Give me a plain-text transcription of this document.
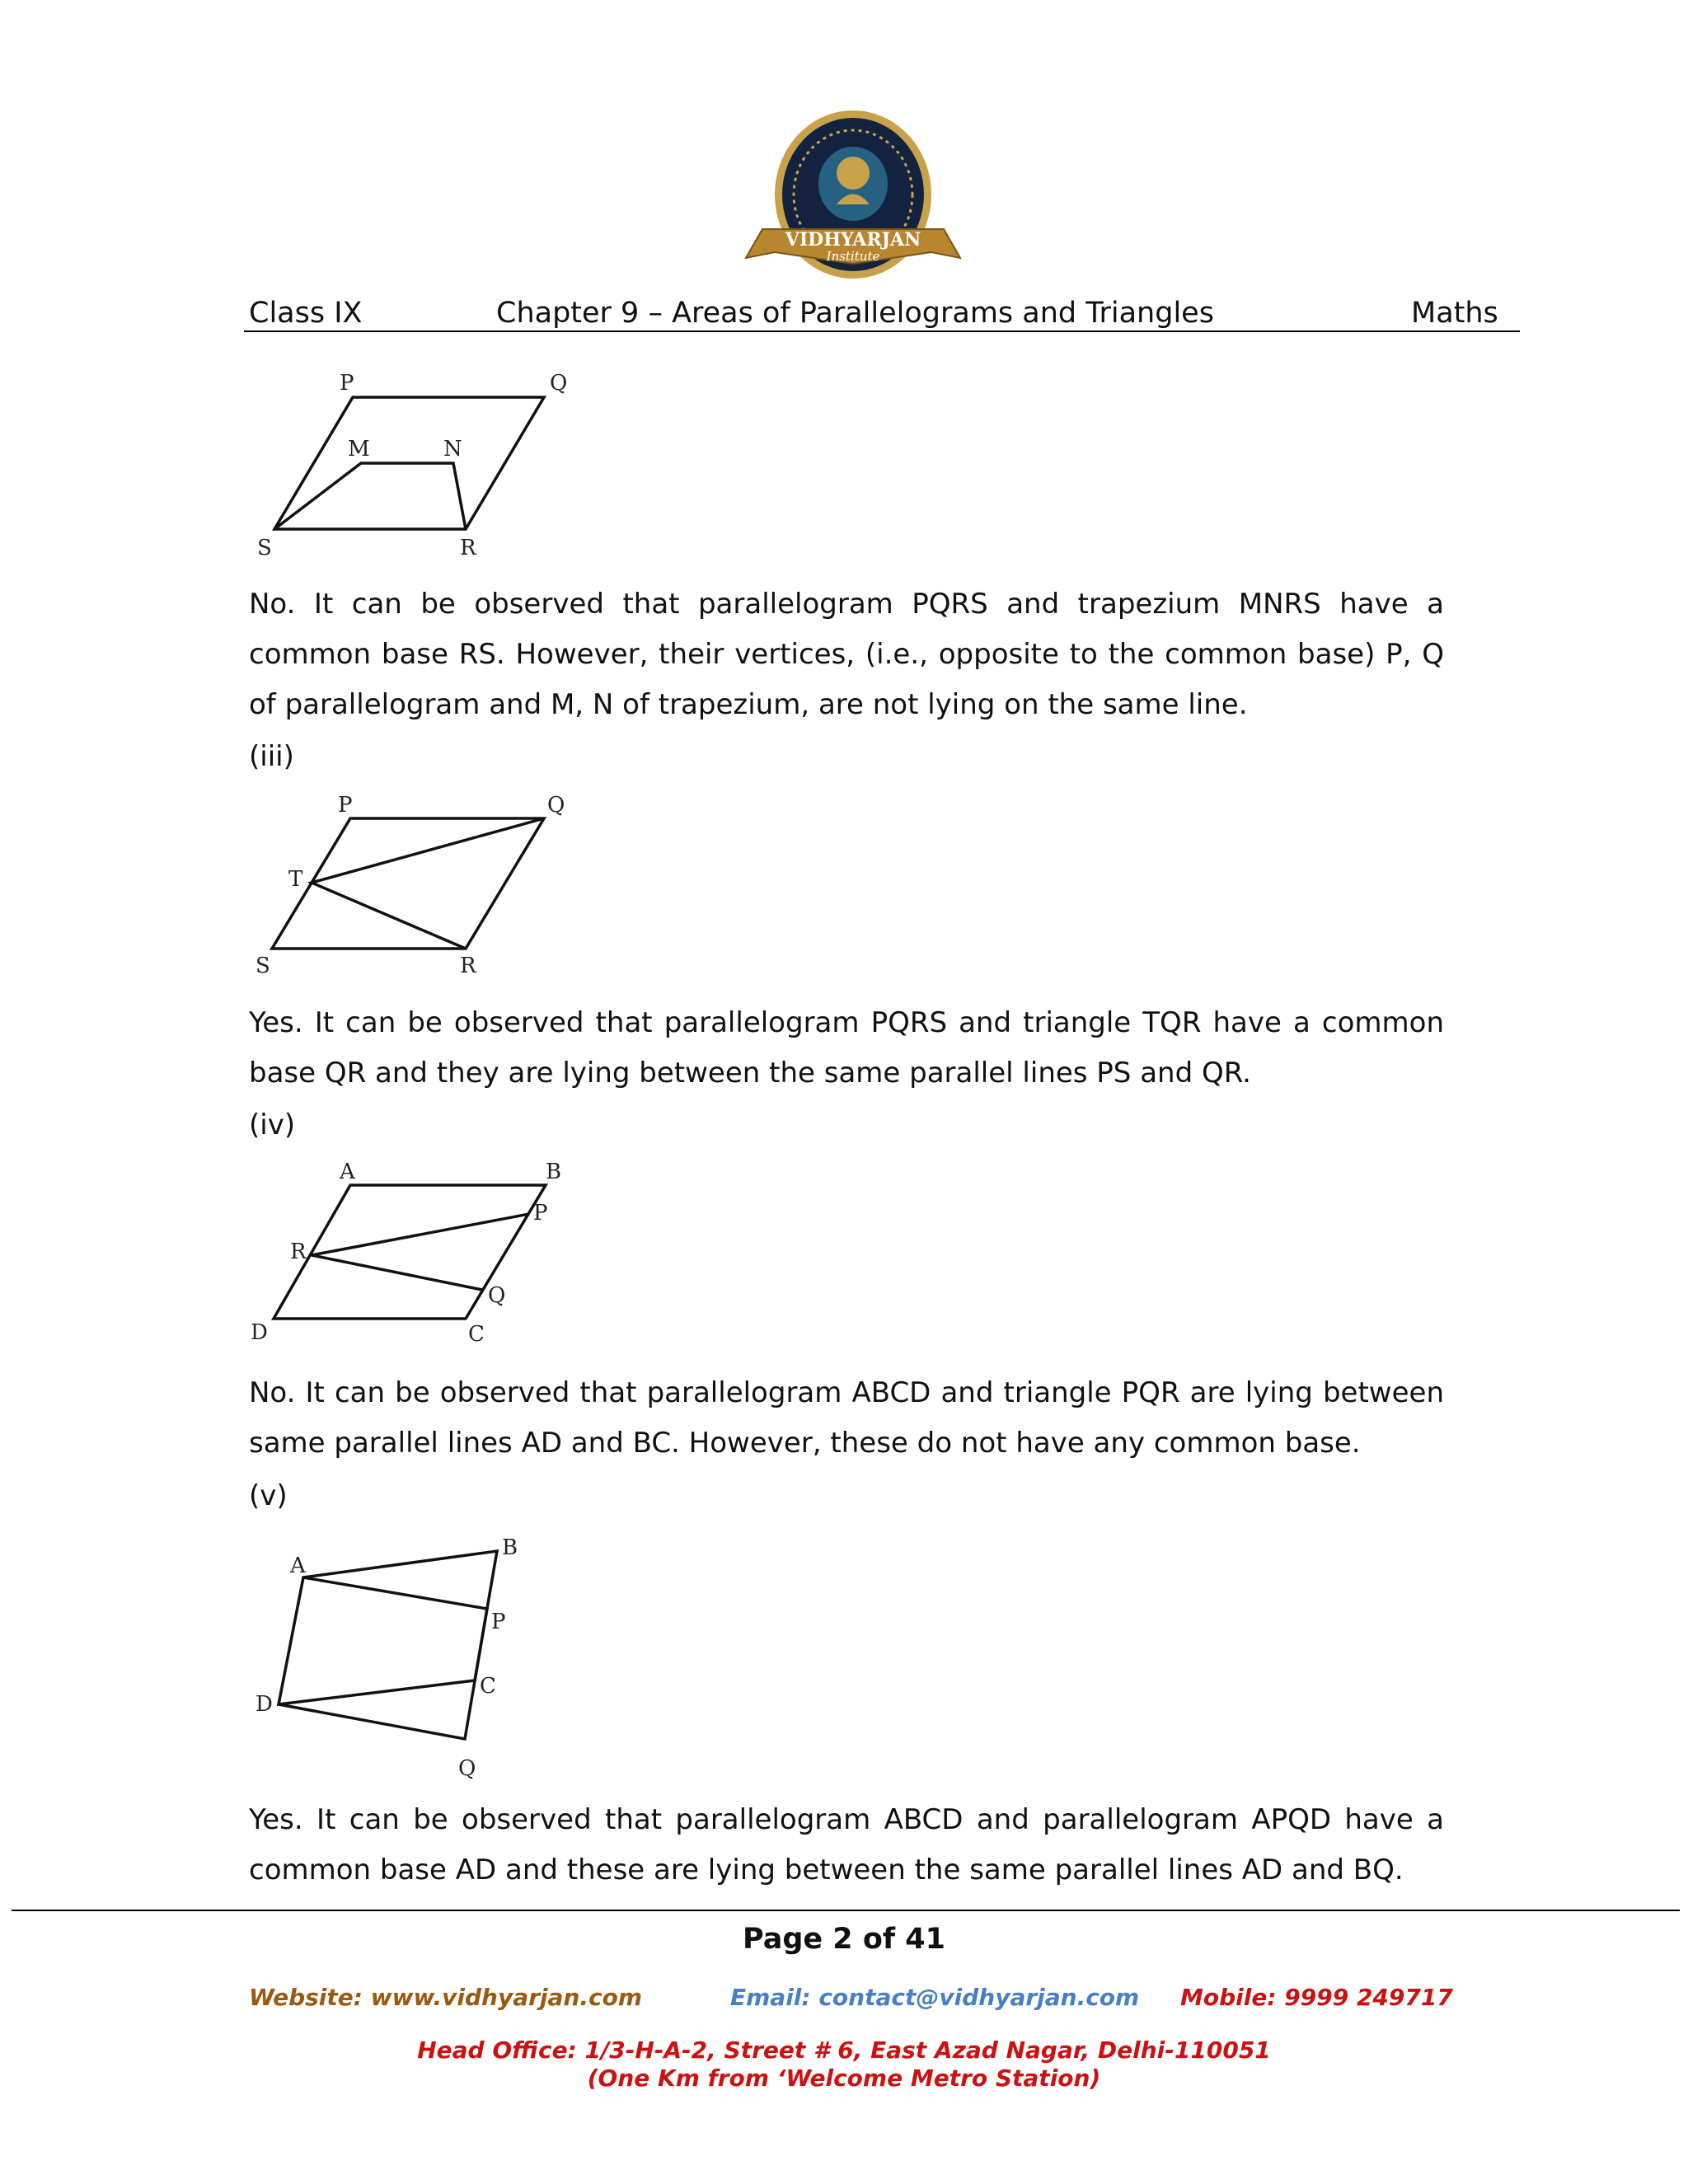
VIDHYARJAN
Institute
Class IX	Chapter 9 – Areas of Parallelograms and Triangles	Maths
P	Q
M	N
S	R
No. It can be observed that parallelogram PQRS and trapezium MNRS have a
common base RS. However, their vertices, (i.e., opposite to the common base) P, Q
of parallelogram and M, N of trapezium, are not lying on the same line.
(iii)
P	Q
T
S	R
Yes. It can be observed that parallelogram PQRS and triangle TQR have a common
base QR and they are lying between the same parallel lines PS and QR.
(iv)
A	B
P
R
Q
D	C
No. It can be observed that parallelogram ABCD and triangle PQR are lying between
same parallel lines AD and BC. However, these do not have any common base.
(v)
A
B
P
C
D
Q
Yes. It can be observed that parallelogram ABCD and parallelogram APQD have a
common base AD and these are lying between the same parallel lines AD and BQ.
Page 2 of 41
Website: www.vidhyarjan.com	Email: contact@vidhyarjan.com Mobile: 9999 249717
Head Office: 1/3-H-A-2, Street # 6, East Azad Nagar, Delhi-110051
(One Km from ‘Welcome Metro Station)
